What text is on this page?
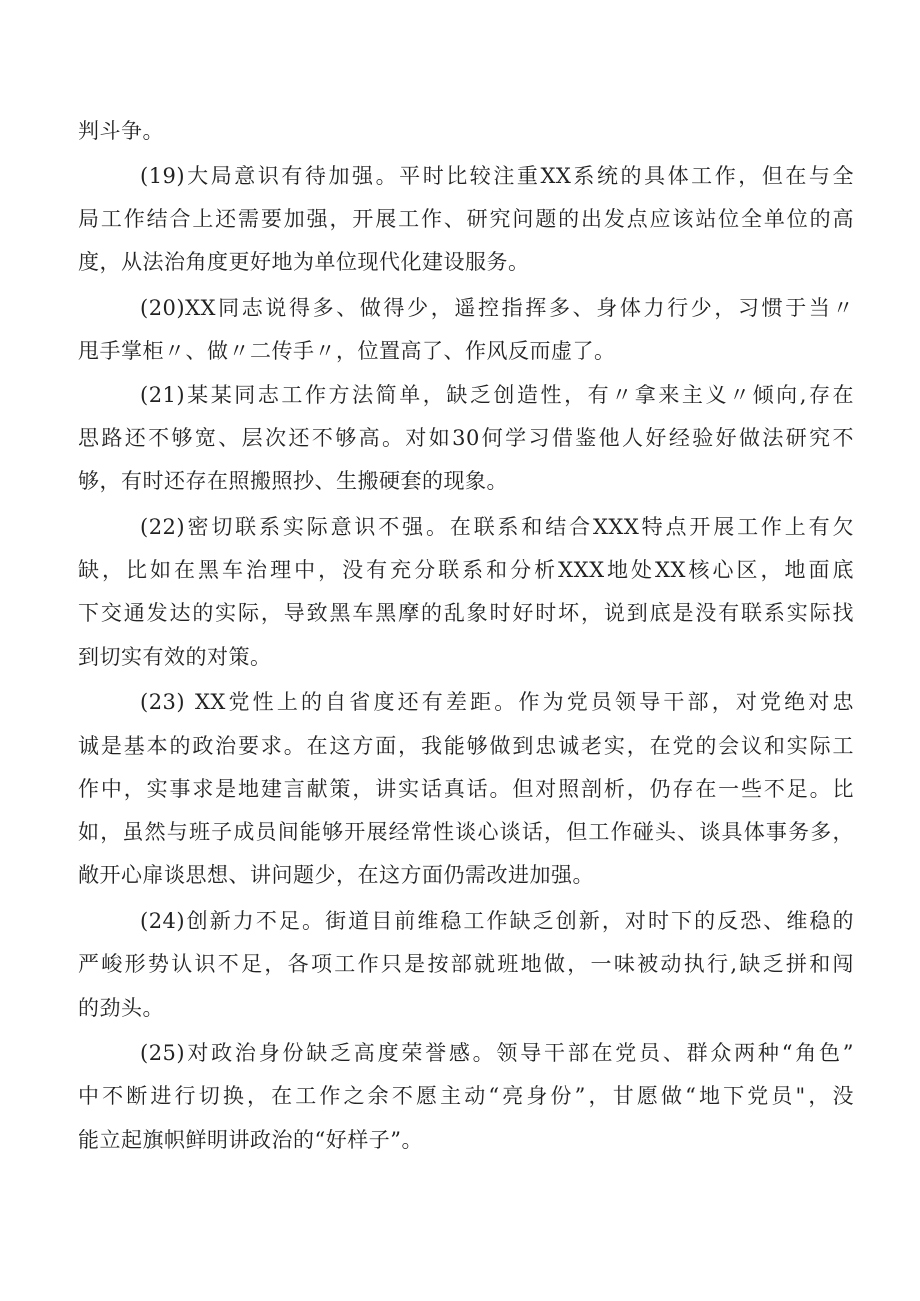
判斗争。
(19)大局意识有待加强。平时比较注重XX系统的具体工作，但在与全
局工作结合上还需要加强，开展工作、研究问题的出发点应该站位全单位的高
度，从法治角度更好地为单位现代化建设服务。
(20)XX同志说得多、做得少，遥控指挥多、身体力行少，习惯于当〃
甩手掌柜〃、做〃二传手〃，位置高了、作风反而虚了。
(21)某某同志工作方法简单，缺乏创造性，有〃拿来主义〃倾向,存在
思路还不够宽、层次还不够高。对如30何学习借鉴他人好经验好做法研究不
够，有时还存在照搬照抄、生搬硬套的现象。
(22)密切联系实际意识不强。在联系和结合XXX特点开展工作上有欠
缺，比如在黑车治理中，没有充分联系和分析XXX地处XX核心区，地面底
下交通发达的实际，导致黑车黑摩的乱象时好时坏，说到底是没有联系实际找
到切实有效的对策。
(23) XX党性上的自省度还有差距。作为党员领导干部，对党绝对忠
诚是基本的政治要求。在这方面，我能够做到忠诚老实，在党的会议和实际工
作中，实事求是地建言献策，讲实话真话。但对照剖析，仍存在一些不足。比
如，虽然与班子成员间能够开展经常性谈心谈话，但工作碰头、谈具体事务多，
敞开心扉谈思想、讲问题少，在这方面仍需改进加强。
(24)创新力不足。街道目前维稳工作缺乏创新，对时下的反恐、维稳的
严峻形势认识不足，各项工作只是按部就班地做，一味被动执行,缺乏拼和闯
的劲头。
(25)对政治身份缺乏高度荣誉感。领导干部在党员、群众两种“角色”
中不断进行切换，在工作之余不愿主动“亮身份”，甘愿做“地下党员"，没
能立起旗帜鲜明讲政治的“好样子”。
